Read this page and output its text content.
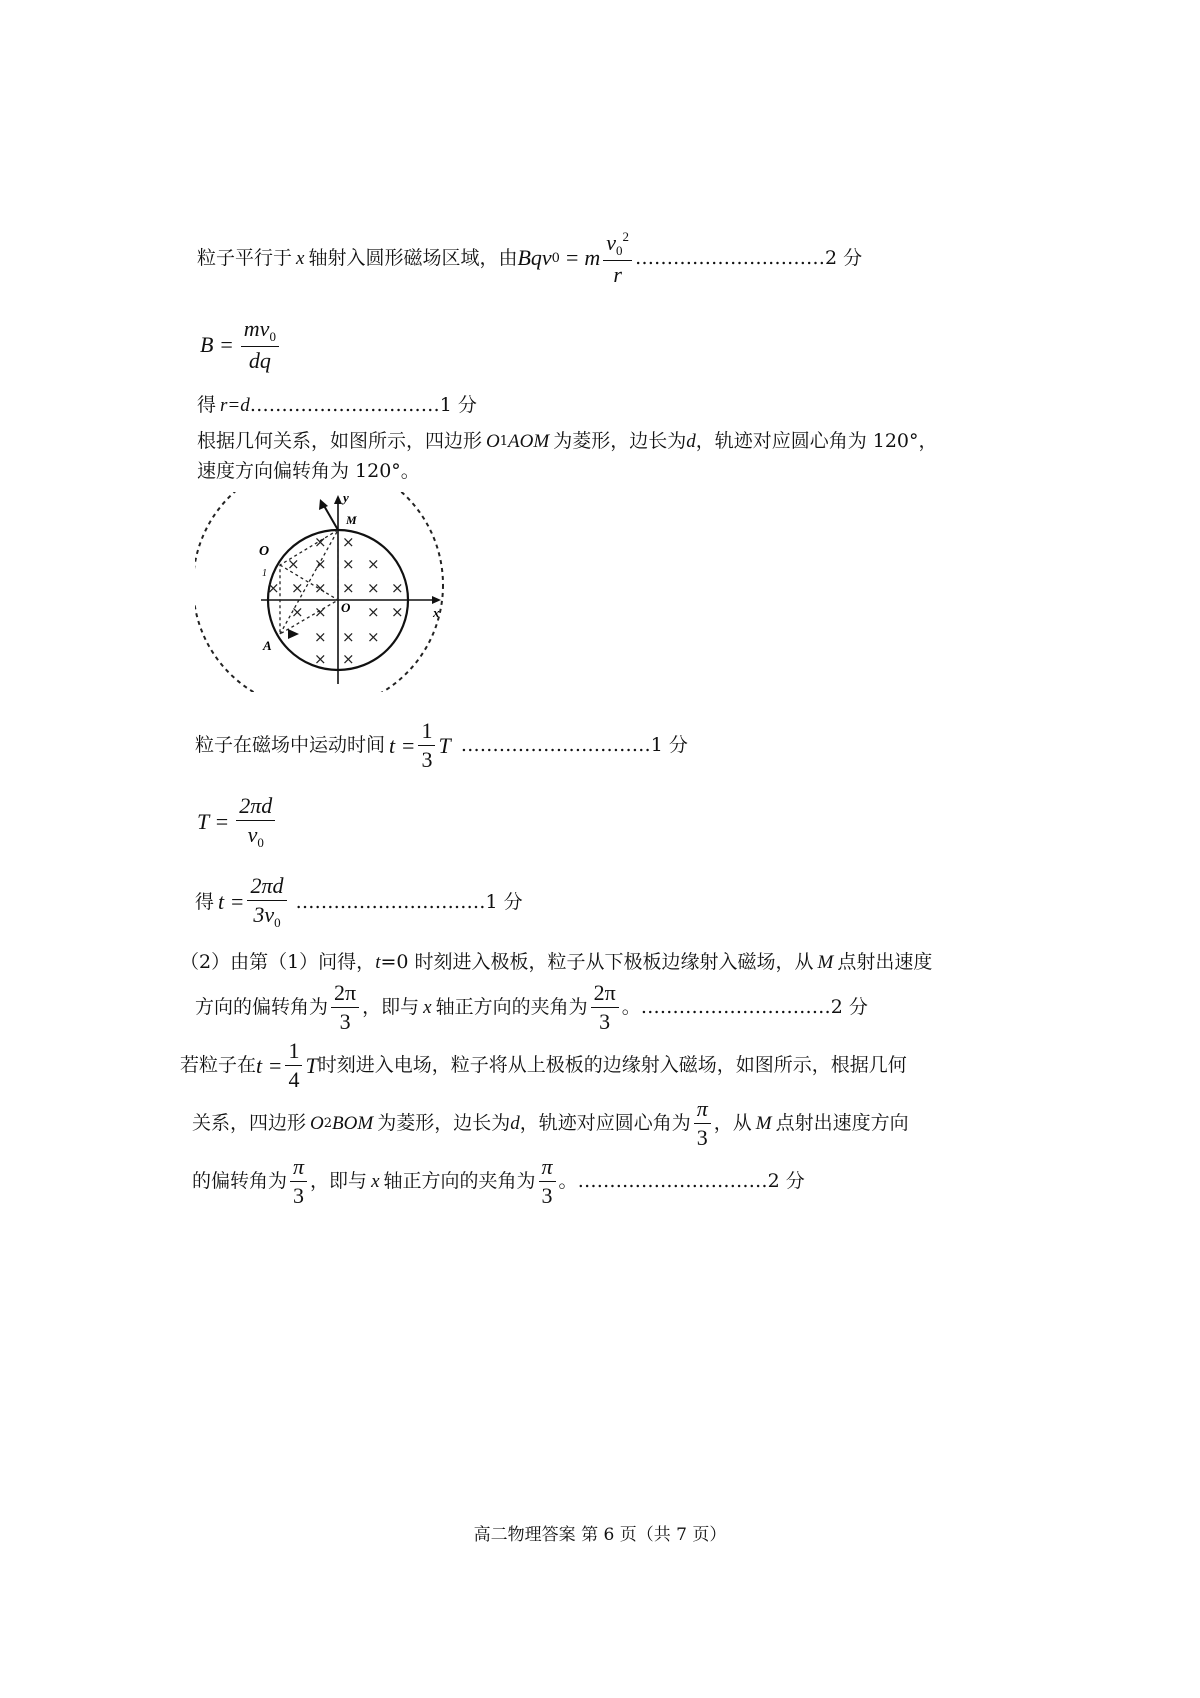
粒子平行于 x 轴射入圆形磁场区域，由 Bqv 0 = m $\frac{v_0^2}{r}$ ………………………… 2 分
$B = \frac{mv_0}{dq}$
得 r=d ………………………… 1 分
根据几何关系，如图所示，四边形 O 1 AOM 为菱形，边长为 d ，轨迹对应圆心角为 120°，
速度方向偏转角为 120°。
M
y
x
O
1
O
A
× ×
× × × ×
× × × × × ×
× ×	× ×
× × ×
× ×
粒子在磁场中运动时间 $t = \frac{1}{3}$ T ………………………… 1 分
$T = \frac{2\pi d}{v_0}$
得 $t = \frac{2\pi d}{3v_0}$ ………………………… 1 分
（2）由第（1）问得， t =0 时刻进入极板，粒子从下极板边缘射入磁场，从 M 点射出速度
方向的偏转角为 $\frac{2\pi}{3}$ ，即与 x 轴正方向的夹角为 $\frac{2\pi}{3}$ 。 ………………………… 2 分
若粒子在 $t = \frac{1}{4}$ T 时刻进入电场，粒子将从上极板的边缘射入磁场，如图所示，根据几何
关系，四边形 O 2 BOM 为菱形，边长为 d ，轨迹对应圆心角为 $\frac{\pi}{3}$ ，从 M 点射出速度方向
的偏转角为 $\frac{\pi}{3}$ ，即与 x 轴正方向的夹角为 $\frac{\pi}{3}$ 。 ………………………… 2 分
高二物理答案 第 6 页（共 7 页）
